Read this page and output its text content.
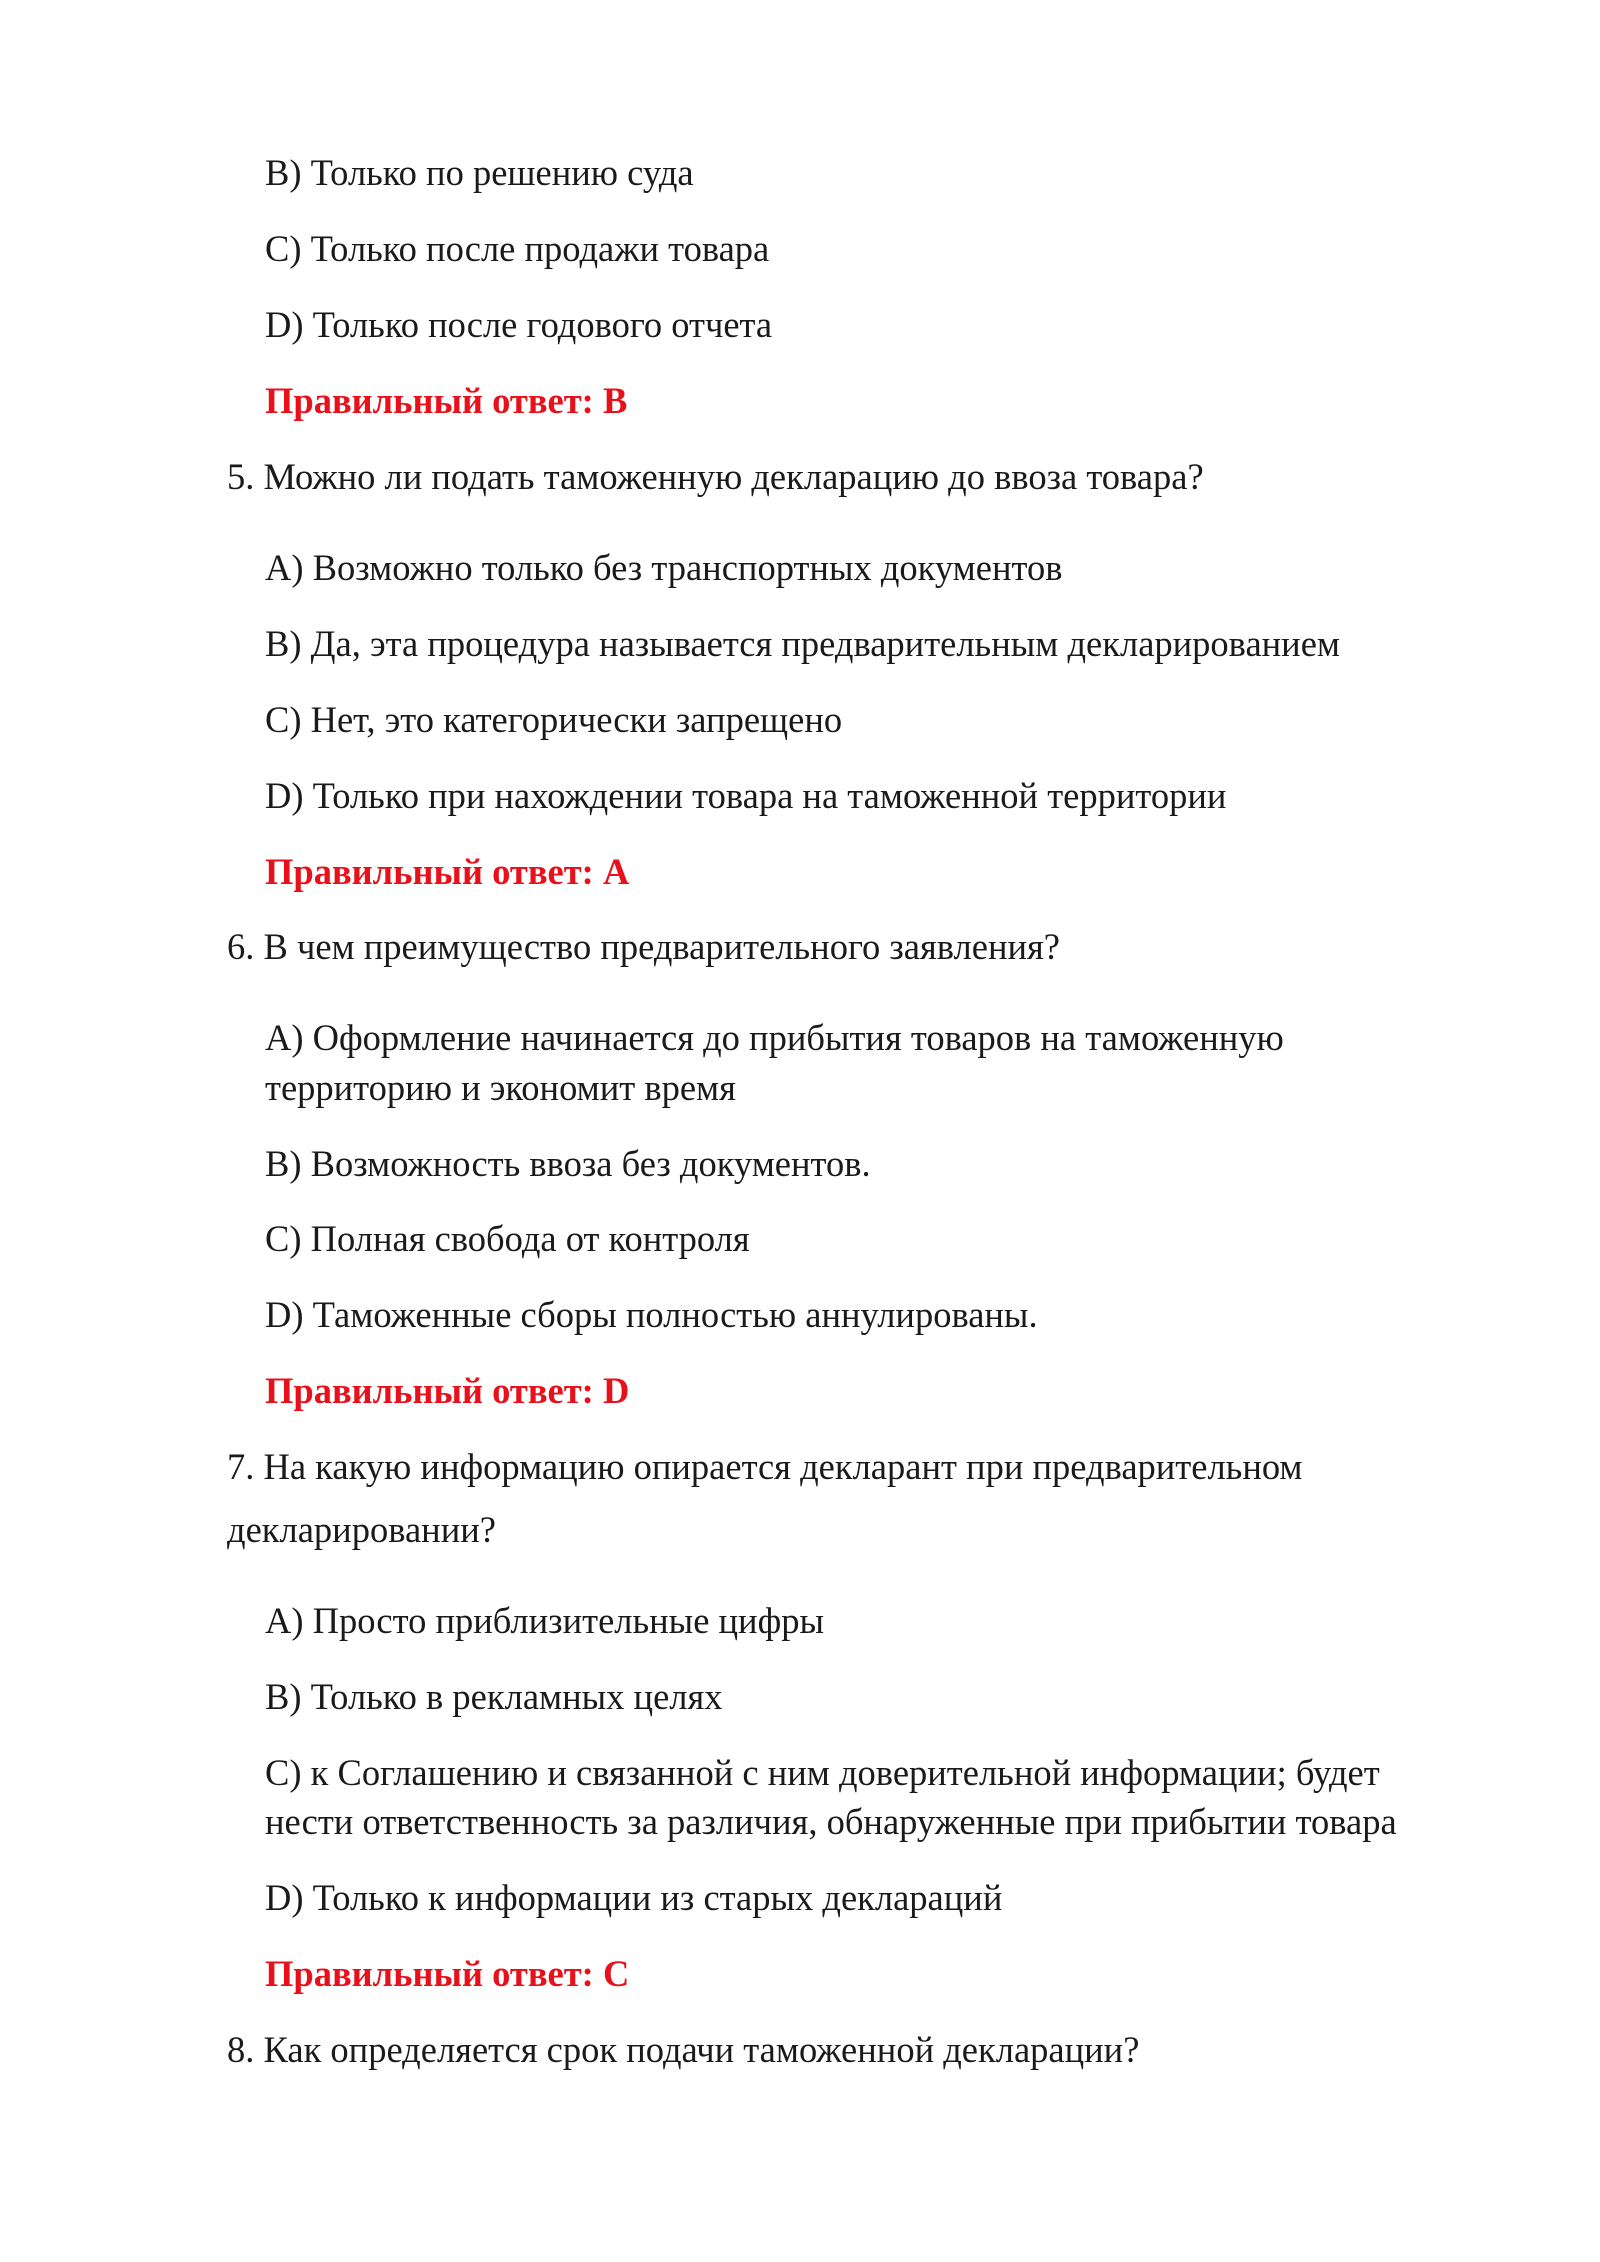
B) Только по решению суда
C) Только после продажи товара
D) Только после годового отчета
Правильный ответ: B
5. Можно ли подать таможенную декларацию до ввоза товара?
A) Возможно только без транспортных документов
B) Да, эта процедура называется предварительным декларированием
C) Нет, это категорически запрещено
D) Только при нахождении товара на таможенной территории
Правильный ответ: A
6. В чем преимущество предварительного заявления?
A) Оформление начинается до прибытия товаров на таможенную
территорию и экономит время
B) Возможность ввоза без документов.
C) Полная свобода от контроля
D) Таможенные сборы полностью аннулированы.
Правильный ответ: D
7. На какую информацию опирается декларант при предварительном
декларировании?
A) Просто приблизительные цифры
B) Только в рекламных целях
C) к Соглашению и связанной с ним доверительной информации; будет
нести ответственность за различия, обнаруженные при прибытии товара
D) Только к информации из старых деклараций
Правильный ответ: C
8. Как определяется срок подачи таможенной декларации?
